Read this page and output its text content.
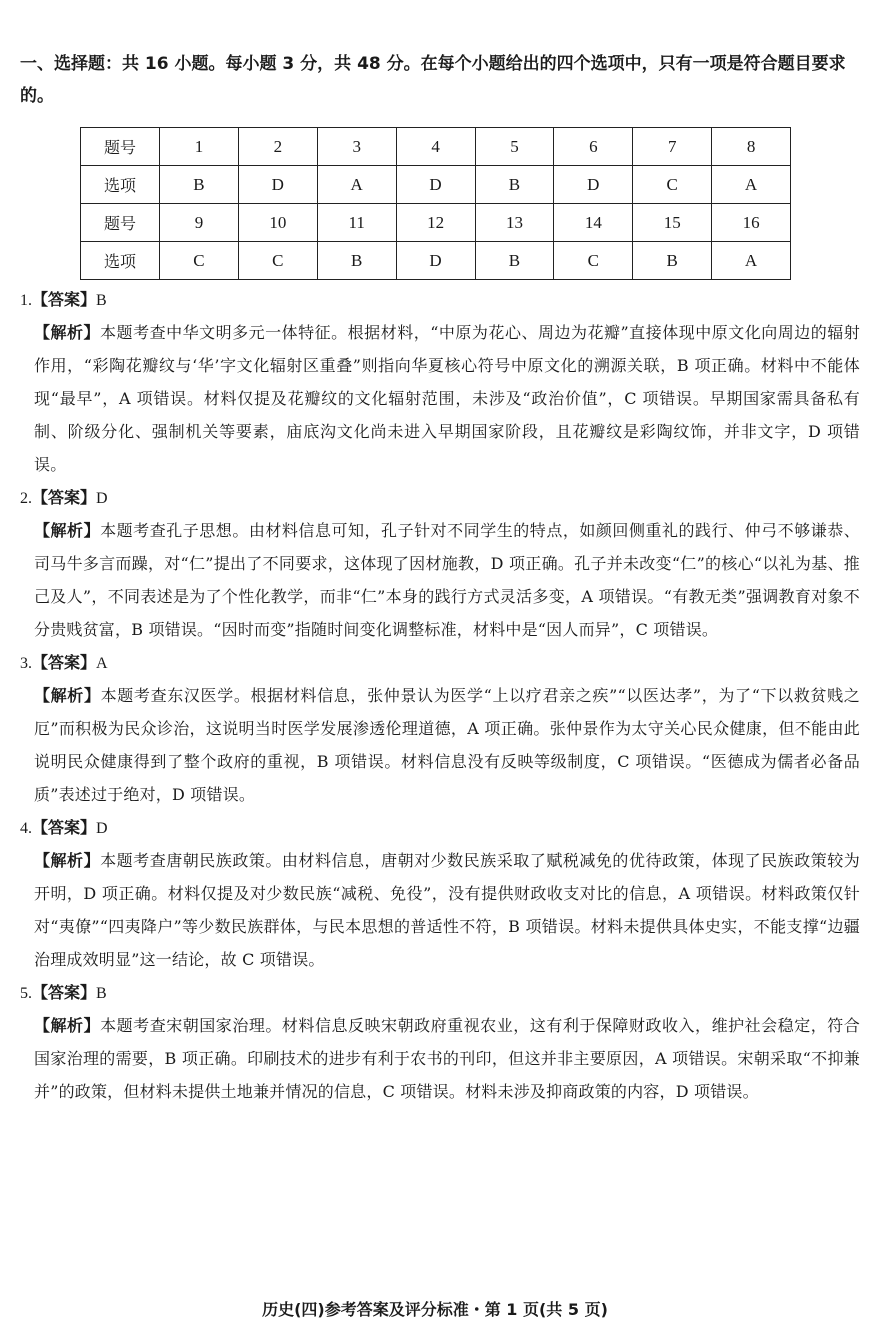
一、选择题：共 16 小题。每小题 3 分，共 48 分。在每个小题给出的四个选项中，只有一项是符合题目要求的。
题号	1	2	3	4	5	6	7	8
选项	B	D	A	D	B	D	C	A
题号	9	10	11	12	13	14	15	16
选项	C	C	B	D	B	C	B	A
1.【答案】B
【解析】本题考查中华文明多元一体特征。根据材料，“中原为花心、周边为花瓣”直接体现中原文化向周边的辐射作用，“彩陶花瓣纹与‘华’字文化辐射区重叠”则指向华夏核心符号中原文化的溯源关联，B 项正确。材料中不能体现“最早”，A 项错误。材料仅提及花瓣纹的文化辐射范围，未涉及“政治价值”，C 项错误。早期国家需具备私有制、阶级分化、强制机关等要素，庙底沟文化尚未进入早期国家阶段，且花瓣纹是彩陶纹饰，并非文字，D 项错误。
2.【答案】D
【解析】本题考查孔子思想。由材料信息可知，孔子针对不同学生的特点，如颜回侧重礼的践行、仲弓不够谦恭、司马牛多言而躁，对“仁”提出了不同要求，这体现了因材施教，D 项正确。孔子并未改变“仁”的核心“以礼为基、推己及人”，不同表述是为了个性化教学，而非“仁”本身的践行方式灵活多变，A 项错误。“有教无类”强调教育对象不分贵贱贫富，B 项错误。“因时而变”指随时间变化调整标准，材料中是“因人而异”，C 项错误。
3.【答案】A
【解析】本题考查东汉医学。根据材料信息，张仲景认为医学“上以疗君亲之疾”“以医达孝”，为了“下以救贫贱之厄”而积极为民众诊治，这说明当时医学发展渗透伦理道德，A 项正确。张仲景作为太守关心民众健康，但不能由此说明民众健康得到了整个政府的重视，B 项错误。材料信息没有反映等级制度，C 项错误。“医德成为儒者必备品质”表述过于绝对，D 项错误。
4.【答案】D
【解析】本题考查唐朝民族政策。由材料信息，唐朝对少数民族采取了赋税减免的优待政策，体现了民族政策较为开明，D 项正确。材料仅提及对少数民族“减税、免役”，没有提供财政收支对比的信息，A 项错误。材料政策仅针对“夷僚”“四夷降户”等少数民族群体，与民本思想的普适性不符，B 项错误。材料未提供具体史实，不能支撑“边疆治理成效明显”这一结论，故 C 项错误。
5.【答案】B
【解析】本题考查宋朝国家治理。材料信息反映宋朝政府重视农业，这有利于保障财政收入，维护社会稳定，符合国家治理的需要，B 项正确。印刷技术的进步有利于农书的刊印，但这并非主要原因，A 项错误。宋朝采取“不抑兼并”的政策，但材料未提供土地兼并情况的信息，C 项错误。材料未涉及抑商政策的内容，D 项错误。
历史(四)参考答案及评分标准・第 1 页(共 5 页)
